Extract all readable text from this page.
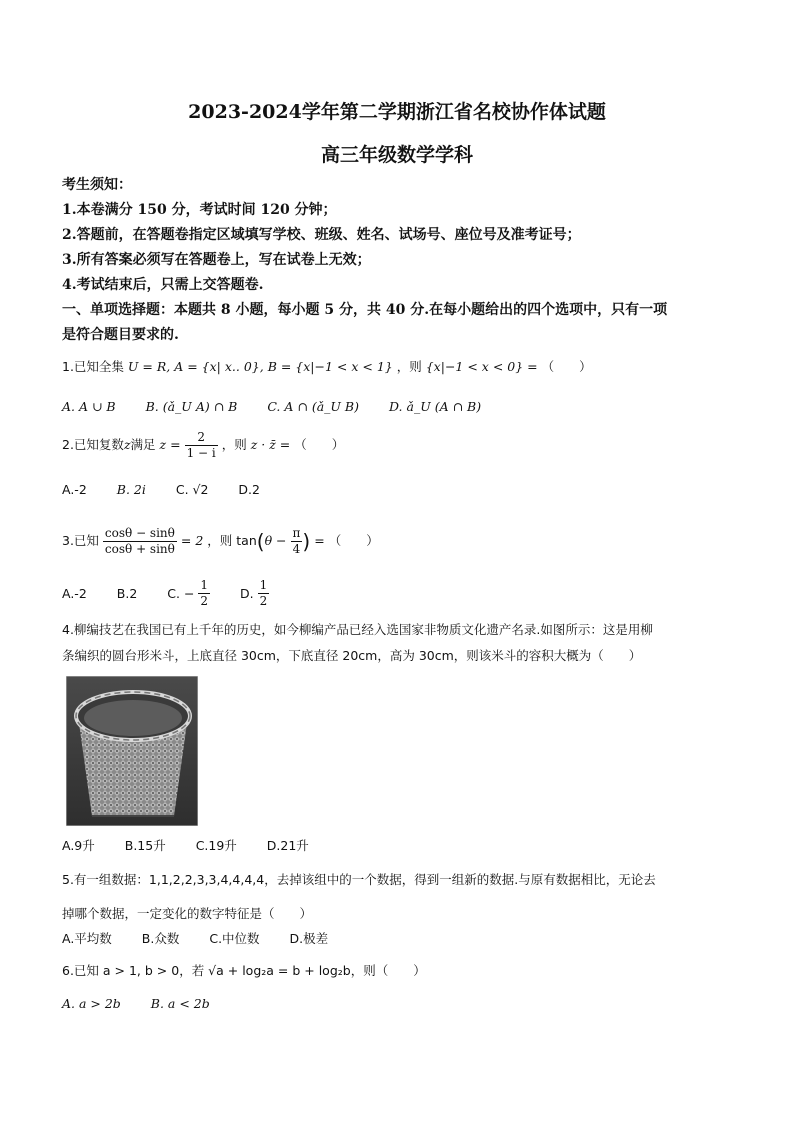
2023-2024学年第二学期浙江省名校协作体试题
高三年级数学学科
考生须知：
1.本卷满分 150 分，考试时间 120 分钟；
2.答题前，在答题卷指定区域填写学校、班级、姓名、试场号、座位号及准考证号；
3.所有答案必须写在答题卷上，写在试卷上无效；
4.考试结束后，只需上交答题卷.
一、单项选择题：本题共 8 小题，每小题 5 分，共 40 分.在每小题给出的四个选项中，只有一项
是符合题目要求的.
1.已知全集 U = R, A = {x| x.. 0}, B = {x|−1 < x < 1} ，则 {x|−1 < x < 0} = （　　）
A. A ∪ B B. (ǎ_U A) ∩ B C. A ∩ (ǎ_U B) D. ǎ_U (A ∩ B)
2.已知复数z满足 $z = \frac{2}{1 - i}$ ，则 z · z̄ = （　　）
A.-2 B. 2i C. √2 D.2
3.已知 $\frac{\cos\theta - \sin\theta}{\cos\theta + \sin\theta} = 2$ ，则 $\tan(\theta - \frac{\pi}{4}$ ) = （　　）
A.-2 B.2 C. − $\frac{1}{2} D$. $\frac{1}{2}$
4.柳编技艺在我国已有上千年的历史，如今柳编产品已经入选国家非物质文化遗产名录.如图所示：这是用柳
条编织的圆台形米斗，上底直径 30cm，下底直径 20cm，高为 30cm，则该米斗的容积大概为（　　）
A.9升 B.15升 C.19升 D.21升
5.有一组数据：1,1,2,2,3,3,4,4,4,4，去掉该组中的一个数据，得到一组新的数据.与原有数据相比，无论去
掉哪个数据，一定变化的数字特征是（　　）
A.平均数 B.众数 C.中位数 D.极差
6.已知 a > 1, b > 0，若 √a + log₂a = b + log₂b，则（　　）
A. a > 2b B. a < 2b
